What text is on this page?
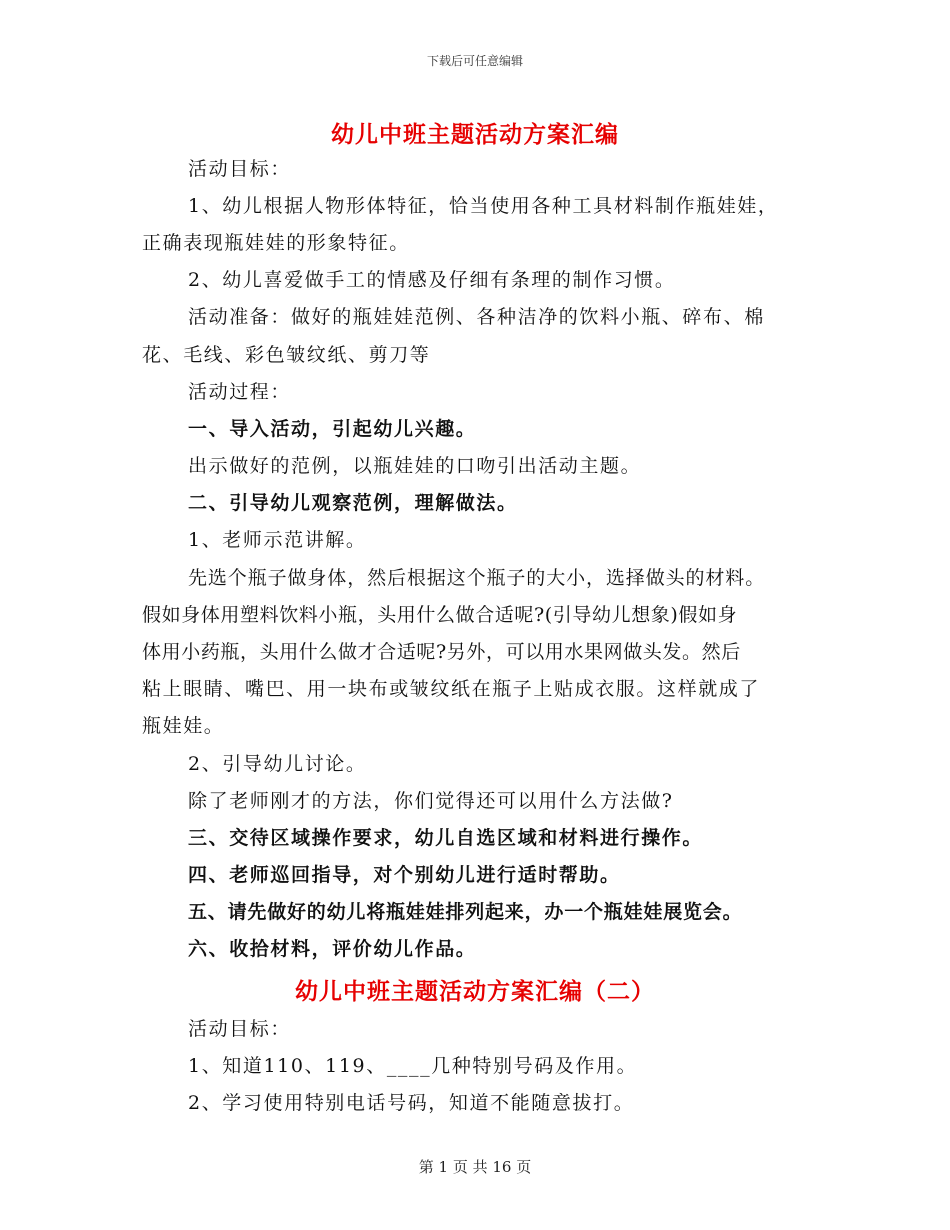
下载后可任意编辑
幼儿中班主题活动方案汇编
活动目标：
1、幼儿根据人物形体特征，恰当使用各种工具材料制作瓶娃娃，
正确表现瓶娃娃的形象特征。
2、幼儿喜爱做手工的情感及仔细有条理的制作习惯。
活动准备：做好的瓶娃娃范例、各种洁净的饮料小瓶、碎布、棉
花、毛线、彩色皱纹纸、剪刀等
活动过程：
一、导入活动，引起幼儿兴趣。
出示做好的范例，以瓶娃娃的口吻引出活动主题。
二、引导幼儿观察范例，理解做法。
1、老师示范讲解。
先选个瓶子做身体，然后根据这个瓶子的大小，选择做头的材料。
假如身体用塑料饮料小瓶，头用什么做合适呢?(引导幼儿想象)假如身
体用小药瓶，头用什么做才合适呢?另外，可以用水果网做头发。然后
粘上眼睛、嘴巴、用一块布或皱纹纸在瓶子上贴成衣服。这样就成了
瓶娃娃。
2、引导幼儿讨论。
除了老师刚才的方法，你们觉得还可以用什么方法做?
三、交待区域操作要求，幼儿自选区域和材料进行操作。
四、老师巡回指导，对个别幼儿进行适时帮助。
五、请先做好的幼儿将瓶娃娃排列起来，办一个瓶娃娃展览会。
六、收拾材料，评价幼儿作品。
幼儿中班主题活动方案汇编（二）
活动目标：
1、知道110、119、____几种特别号码及作用。
2、学习使用特别电话号码，知道不能随意拔打。
第 1 页 共 16 页
